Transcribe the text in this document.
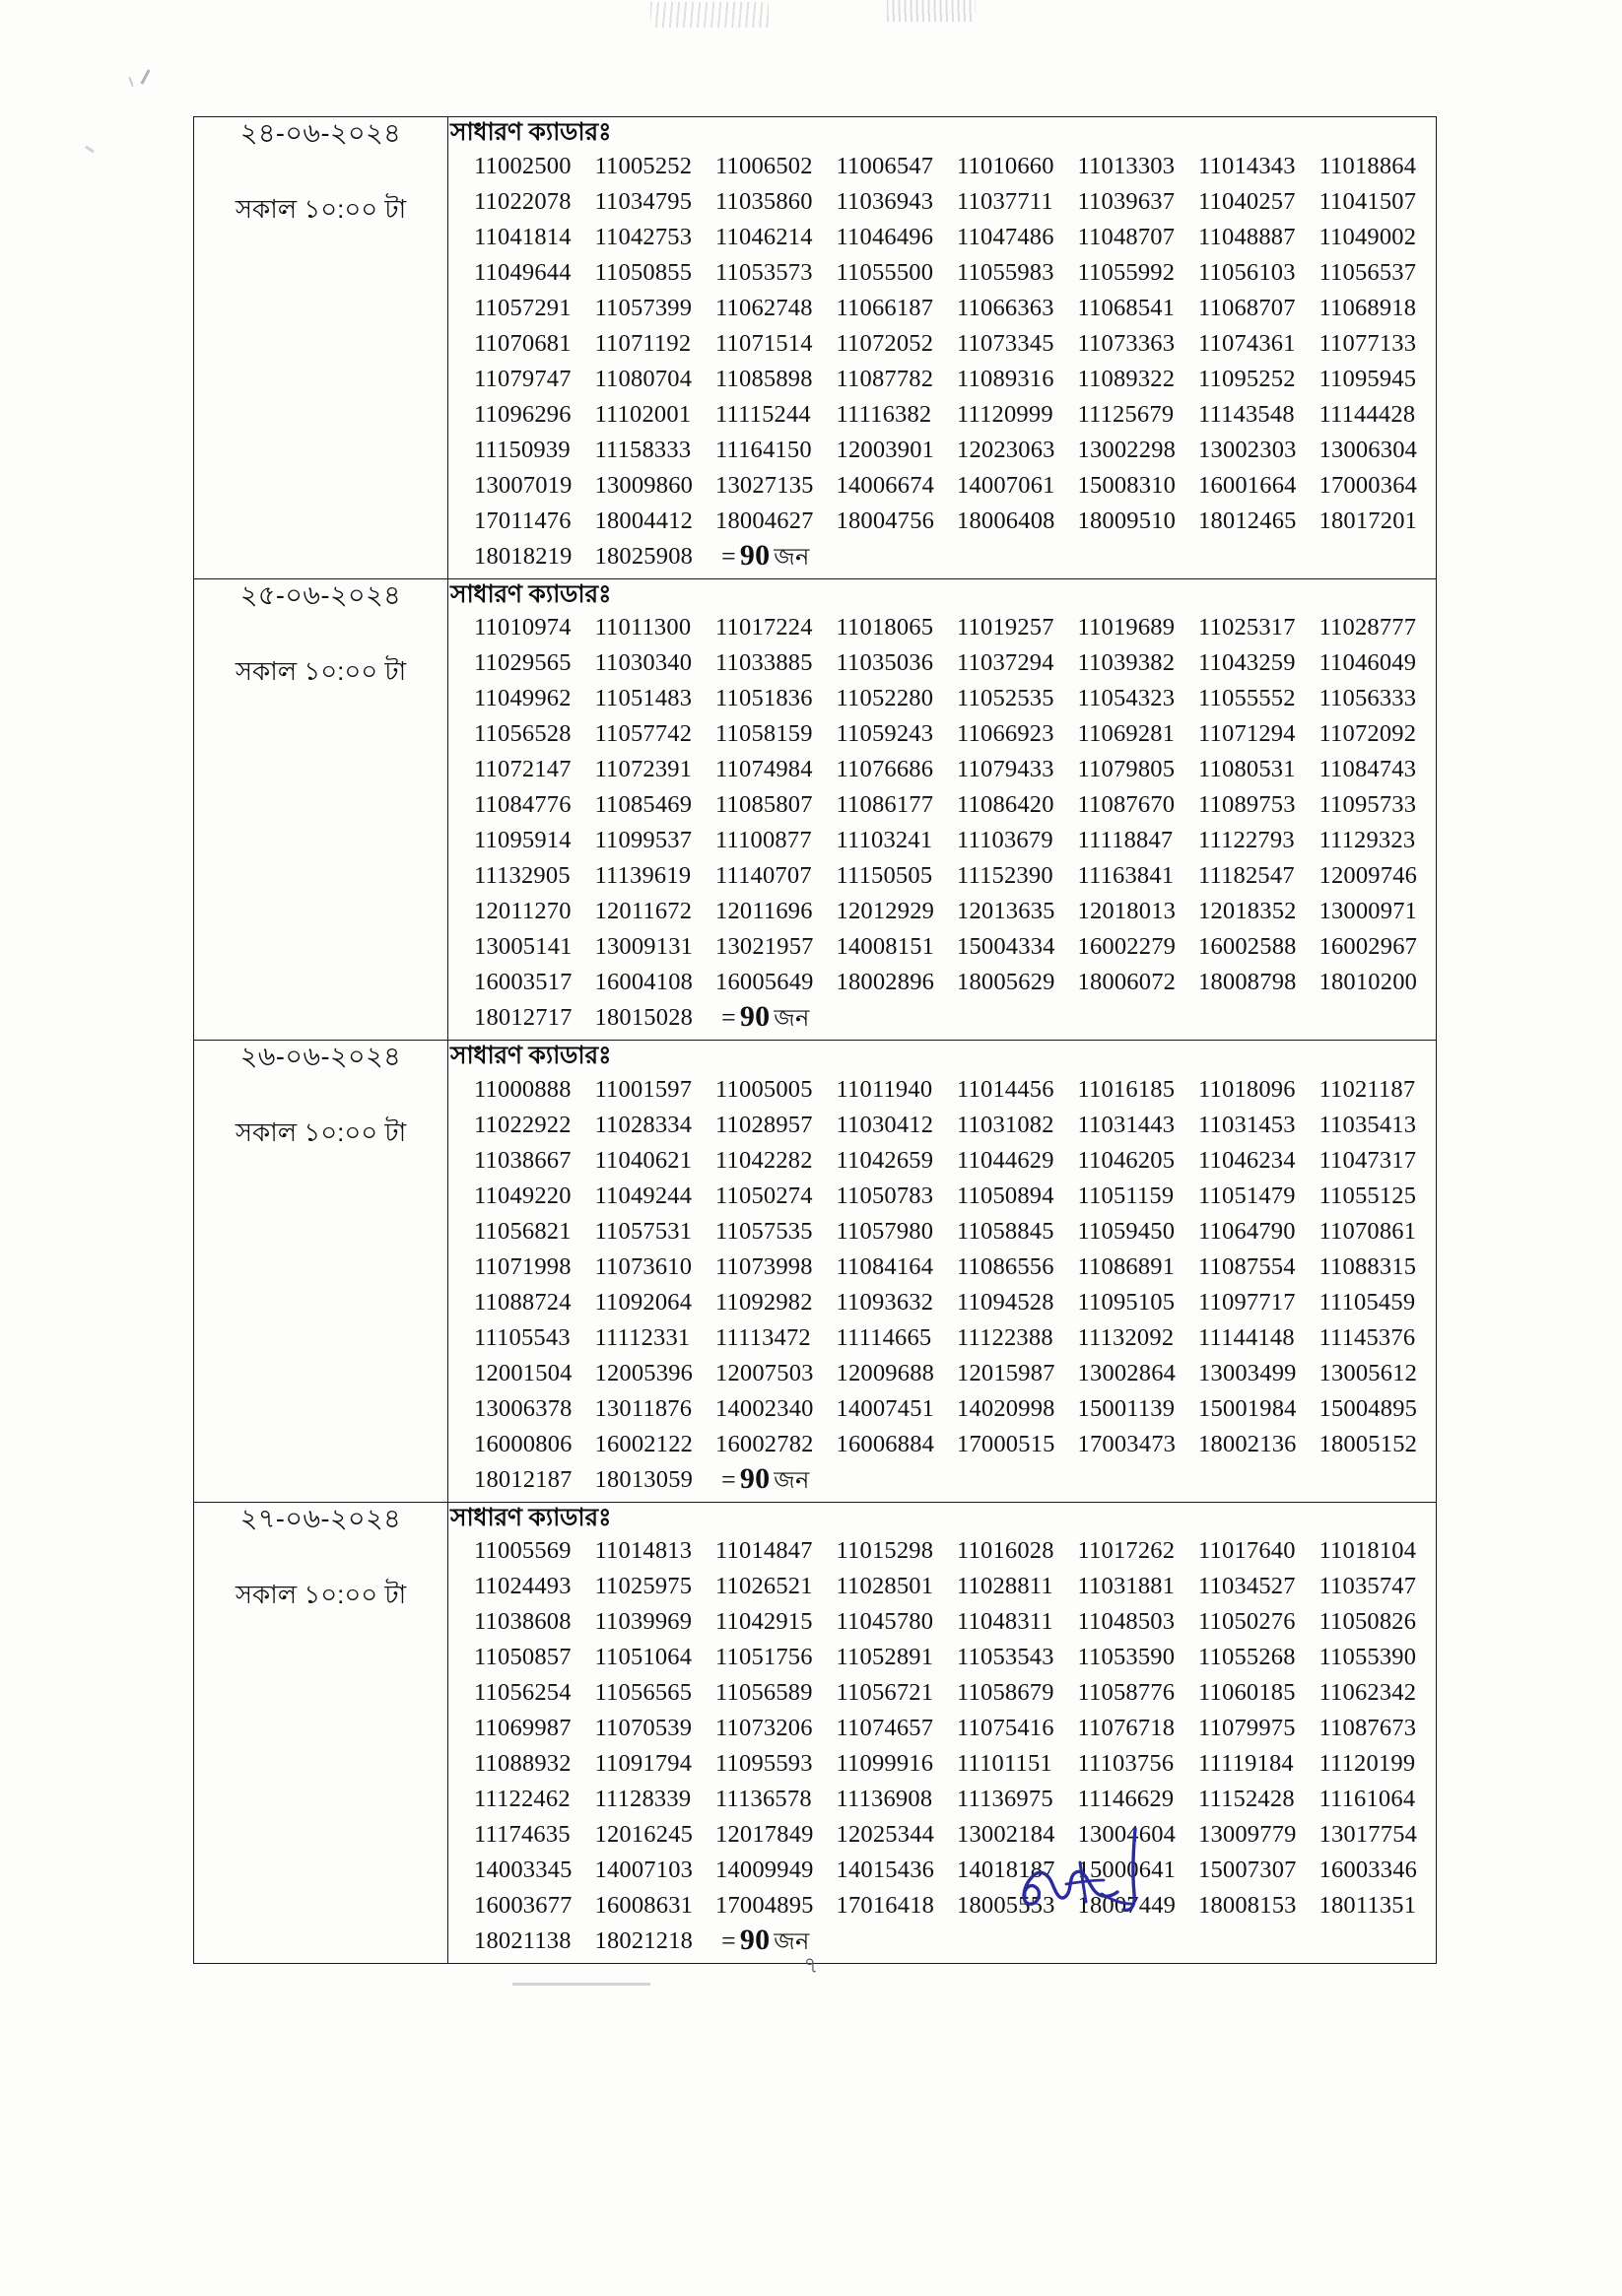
২৪-০৬-২০২৪
সকাল ১০:০০ টা

সাধারণ ক্যাডারঃ
11002500 11005252 11006502 11006547 11010660 11013303 11014343 11018864
11022078 11034795 11035860 11036943 11037711	11039637 11040257 11041507
11041814 11042753 11046214 11046496 11047486 11048707 11048887 11049002
11049644 11050855 11053573 11055500 11055983 11055992 11056103 11056537
11057291 11057399 11062748 11066187 11066363 11068541 11068707 11068918
11070681 11071192	11071514 11072052 11073345 11073363 11074361 11077133
11079747 11080704 11085898 11087782 11089316 11089322 11095252 11095945
11096296 11102001	11115244	11116382	11120999	11125679	11143548	11144428
11150939	11158333	11164150	12003901 12023063 13002298 13002303 13006304
13007019 13009860 13027135 14006674 14007061 15008310 16001664 17000364
17011476 18004412 18004627 18004756 18006408 18009510 18012465 18017201
18018219 18025908	= 90 জন

২৫-০৬-২০২৪
সকাল ১০:০০ টা

সাধারণ ক্যাডারঃ
11010974 11011300	11017224 11018065 11019257 11019689 11025317 11028777
11029565 11030340 11033885 11035036 11037294 11039382 11043259 11046049
11049962 11051483 11051836 11052280 11052535 11054323 11055552 11056333
11056528 11057742 11058159 11059243 11066923 11069281 11071294 11072092
11072147 11072391 11074984 11076686 11079433 11079805 11080531 11084743
11084776 11085469 11085807 11086177 11086420 11087670 11089753 11095733
11095914 11099537 11100877	11103241	11103679	11118847	11122793	11129323
11132905	11139619	11140707	11150505	11152390	11163841	11182547	12009746
12011270 12011672 12011696 12012929 12013635 12018013 12018352 13000971
13005141 13009131 13021957 14008151 15004334 16002279 16002588 16002967
16003517 16004108 16005649 18002896 18005629 18006072 18008798 18010200
18012717 18015028	= 90 জন

২৬-০৬-২০২৪
সকাল ১০:০০ টা

সাধারণ ক্যাডারঃ
11000888 11001597 11005005 11011940	11014456 11016185 11018096 11021187
11022922 11028334 11028957 11030412 11031082 11031443 11031453 11035413
11038667 11040621 11042282 11042659 11044629 11046205 11046234 11047317
11049220 11049244 11050274 11050783 11050894 11051159	11051479 11055125
11056821 11057531 11057535 11057980 11058845 11059450 11064790 11070861
11071998 11073610 11073998 11084164 11086556 11086891 11087554 11088315
11088724 11092064 11092982 11093632 11094528 11095105 11097717 11105459
11105543	11112331	11113472	11114665	11122388	11132092	11144148	11145376
12001504 12005396 12007503 12009688 12015987 13002864 13003499 13005612
13006378 13011876 14002340 14007451 14020998 15001139 15001984 15004895
16000806 16002122 16002782 16006884 17000515 17003473 18002136 18005152
18012187 18013059	= 90 জন

২৭-০৬-২০২৪
সকাল ১০:০০ টা

সাধারণ ক্যাডারঃ
11005569 11014813 11014847 11015298 11016028 11017262 11017640 11018104
11024493 11025975 11026521 11028501 11028811	11031881 11034527 11035747
11038608 11039969 11042915 11045780 11048311	11048503 11050276 11050826
11050857 11051064 11051756 11052891 11053543 11053590 11055268 11055390
11056254 11056565 11056589 11056721 11058679 11058776 11060185 11062342
11069987 11070539 11073206 11074657 11075416 11076718 11079975 11087673
11088932 11091794 11095593 11099916 11101151	11103756	11119184	11120199
11122462	11128339	11136578	11136908	11136975	11146629	11152428	11161064
11174635	12016245 12017849 12025344 13002184 13004604 13009779 13017754
14003345 14007103 14009949 14015436 14018187 15000641 15007307 16003346
16003677 16008631 17004895 17016418 18005553 18007449 18008153 18011351
18021138 18021218	= 90 জন
৭
